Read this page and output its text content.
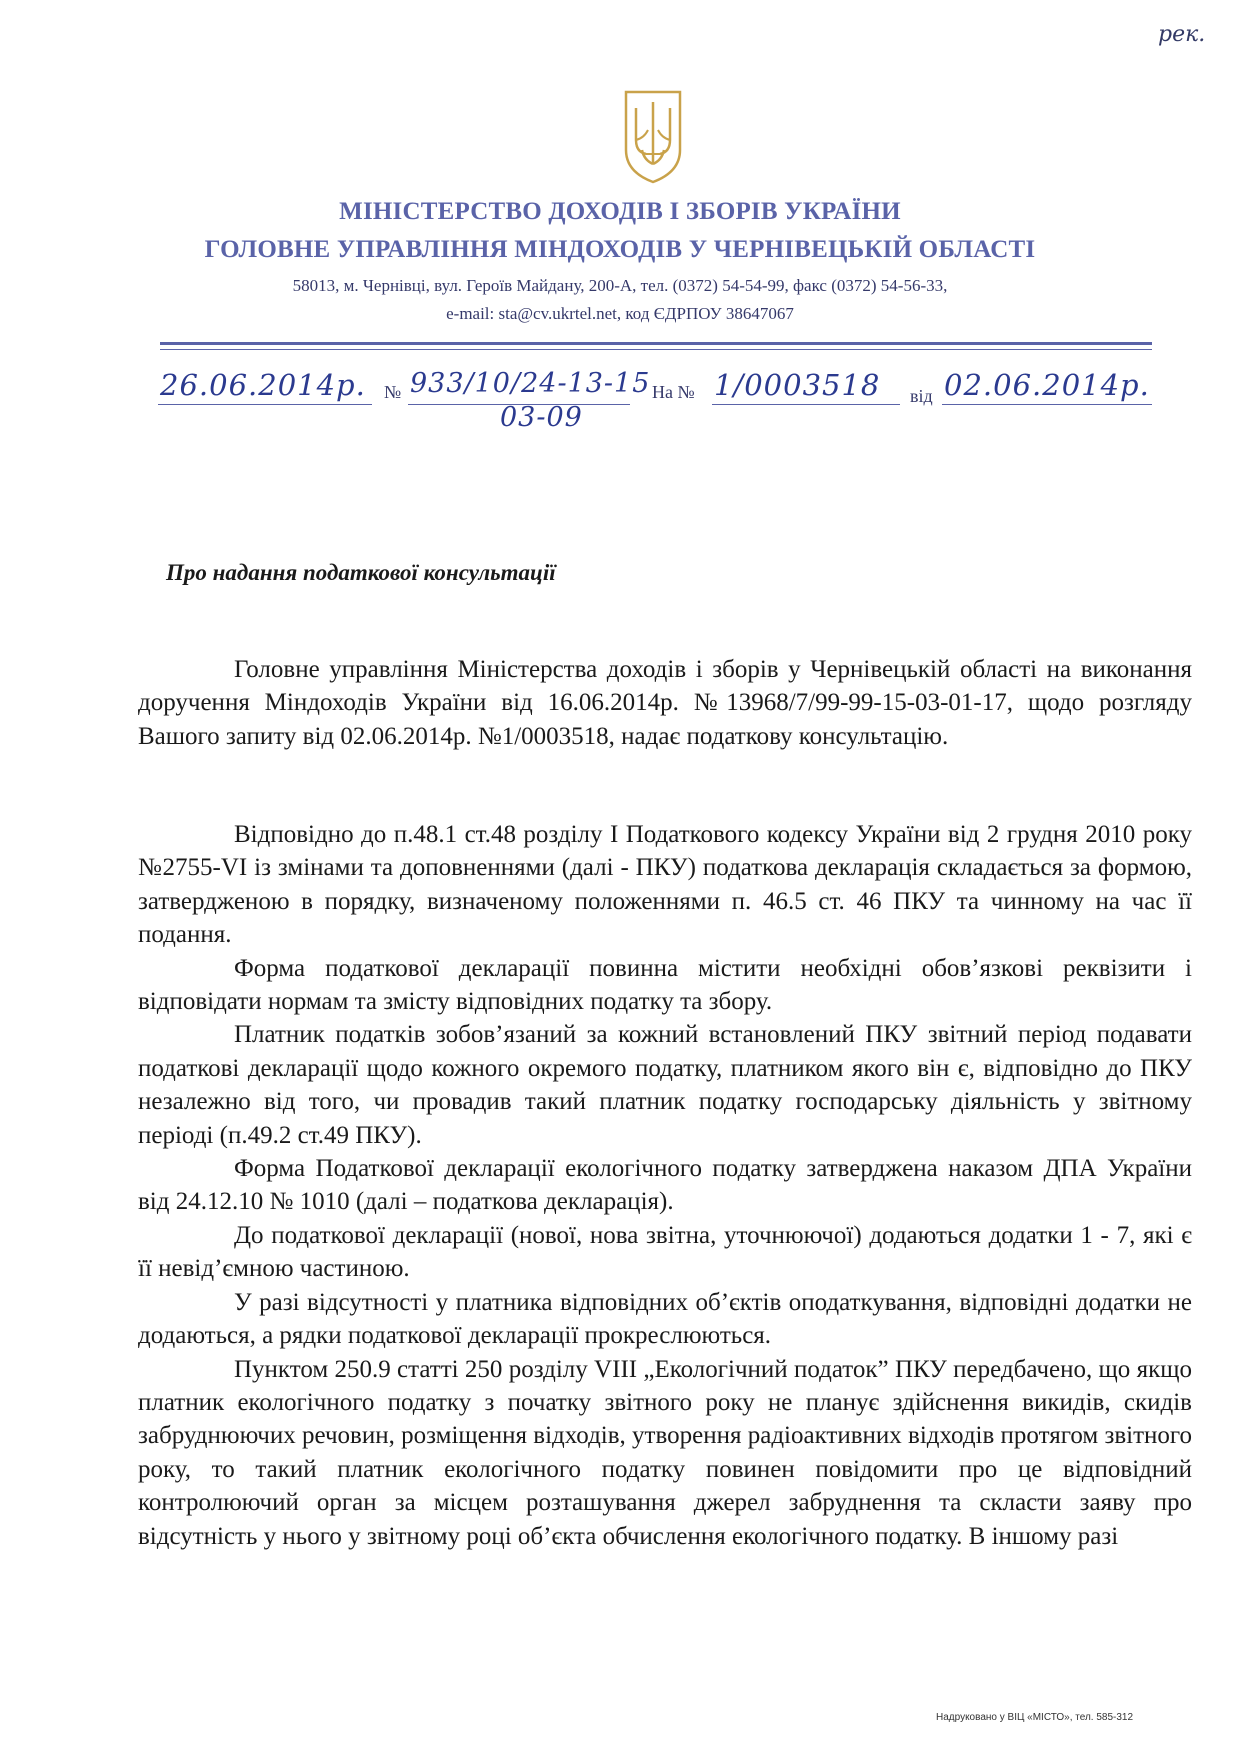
рек.
МІНІСТЕРСТВО ДОХОДІВ І ЗБОРІВ УКРАЇНИ
ГОЛОВНЕ УПРАВЛІННЯ МІНДОХОДІВ У ЧЕРНІВЕЦЬКІЙ ОБЛАСТІ
58013, м. Чернівці, вул. Героїв Майдану, 200-А, тел. (0372) 54-54-99, факс (0372) 54-56-33,
e-mail: sta@cv.ukrtel.net, код ЄДРПОУ 38647067
26.06.2014р. № 933/10/24-13-15
03-09
На № 1/0003518 від 02.06.2014р.
Про надання податкової консультації

Головне управління Міністерства доходів і зборів у Чернівецькій області на виконання доручення Міндоходів України від 16.06.2014р. №13968/7/99-99-15-03-01-17, щодо розгляду Вашого запиту від 02.06.2014р. №1/0003518, надає податкову консультацію.

Відповідно до п.48.1 ст.48 розділу І Податкового кодексу України від 2 грудня 2010 року №2755-VI із змінами та доповненнями (далі - ПКУ) податкова декларація складається за формою, затвердженою в порядку, визначеному положеннями п. 46.5 ст. 46 ПКУ та чинному на час її подання.

Форма податкової декларації повинна містити необхідні обов’язкові реквізити і відповідати нормам та змісту відповідних податку та збору.

Платник податків зобов’язаний за кожний встановлений ПКУ звітний період подавати податкові декларації щодо кожного окремого податку, платником якого він є, відповідно до ПКУ незалежно від того, чи провадив такий платник податку господарську діяльність у звітному періоді (п.49.2 ст.49 ПКУ).

Форма Податкової декларації екологічного податку затверджена наказом ДПА України від 24.12.10 № 1010 (далі – податкова декларація).

До податкової декларації (нової, нова звітна, уточнюючої) додаються додатки 1 - 7, які є її невід’ємною частиною.

У разі відсутності у платника відповідних об’єктів оподаткування, відповідні додатки не додаються, а рядки податкової декларації прокреслюються.

Пунктом 250.9 статті 250 розділу VIII „Екологічний податок” ПКУ передбачено, що якщо платник екологічного податку з початку звітного року не планує здійснення викидів, скидів забруднюючих речовин, розміщення відходів, утворення радіоактивних відходів протягом звітного року, то такий платник екологічного податку повинен повідомити про це відповідний контролюючий орган за місцем розташування джерел забруднення та скласти заяву про відсутність у нього у звітному році об’єкта обчислення екологічного податку. В іншому разі

Надруковано у ВІЦ «МІСТО», тел. 585-312
